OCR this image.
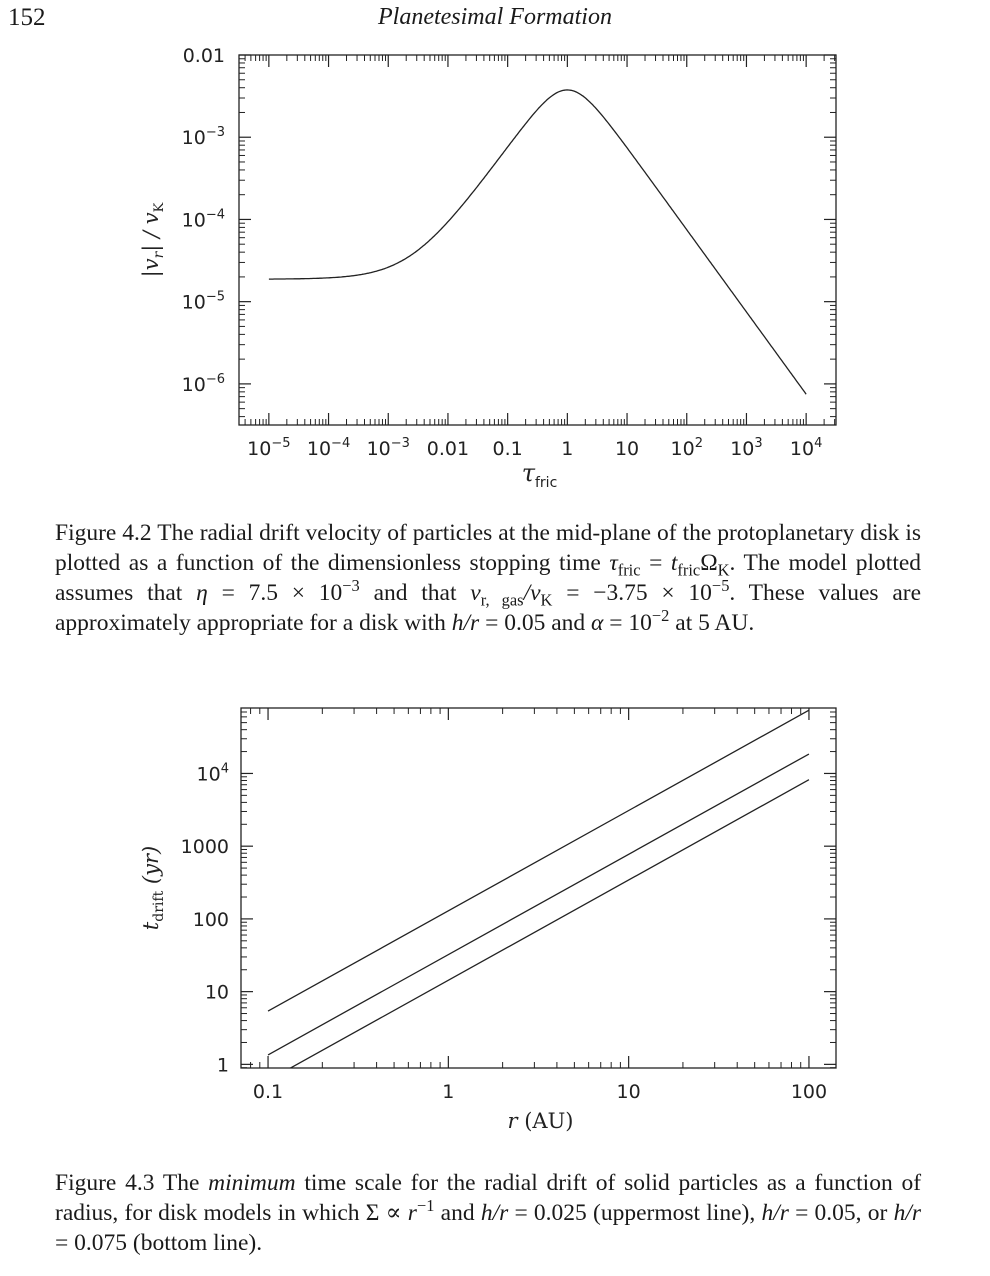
152	Planetesimal Formation
$10^{-5}$ $10^{-4}$ $10^{-3}$ 0.01 0.1 1 10 $10^2$ $10^3$ $10^4$
0.01
$10^{-3}$
$10^{-4}$
$10^{-5}$
$10^{-6}$
$\tau_{fric}$
$|v_r| / v_K$
Figure 4.2 The radial drift velocity of particles at the mid-plane of the protoplanetary disk is plotted as a function of the dimensionless stopping time $\tau_{fric} = t_{fric}\Omega_K$. The model plotted assumes that $\eta = 7.5 \times 10^{-3}$ and that $v_{r, gas}/v_K = -3.75 \times 10^{-5}$. These values are approximately appropriate for a disk with h/r = 0.05 and $\alpha = 10^{-2}$ at 5 AU.
0.1	1	10	100
1
10
100
1000
$10^4$
r (AU)
$t_{drift}$ (yr)
Figure 4.3 The minimum time scale for the radial drift of solid particles as a function of radius, for disk models in which $\Sigma \propto r^{-1}$ and h/r = 0.025 (uppermost line), h/r = 0.05, or h/r = 0.075 (bottom line).
